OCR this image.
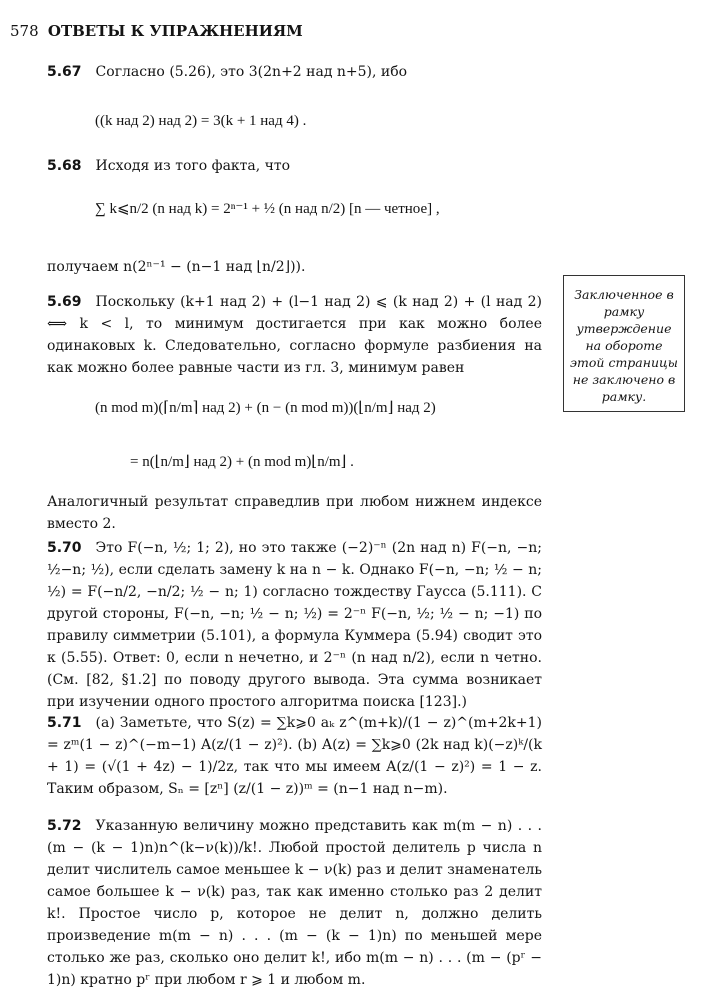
578 ОТВЕТЫ К УПРАЖНЕНИЯМ
5.67 Согласно (5.26), это 3(2n+2 над n+5), ибо
((k над 2) над 2) = 3(k + 1 над 4) .
5.68 Исходя из того факта, что
∑ k⩽n/2 (n над k) = 2ⁿ⁻¹ + ½ (n над n/2) [n — четное] ,
получаем n(2ⁿ⁻¹ − (n−1 над ⌊n/2⌋)).
5.69 Поскольку (k+1 над 2) + (l−1 над 2) ⩽ (k над 2) + (l над 2) ⟺ k < l, то минимум достигается при как можно более одинаковых k. Следовательно, согласно формуле разбиения на как можно более равные части из гл. 3, минимум равен
(n mod m)(⌈n/m⌉ над 2) + (n − (n mod m))(⌊n/m⌋ над 2)
= n(⌊n/m⌋ над 2) + (n mod m)⌊n/m⌋ .
Аналогичный результат справедлив при любом нижнем индексе вместо 2.
Заключенное в рамку утверждение на обороте этой страницы не заключено в рамку.
5.70 Это F(−n, ½; 1; 2), но это также (−2)⁻ⁿ (2n над n) F(−n, −n; ½−n; ½), если сделать замену k на n − k. Однако F(−n, −n; ½ − n; ½) = F(−n/2, −n/2; ½ − n; 1) согласно тождеству Гаусса (5.111). С другой стороны, F(−n, −n; ½ − n; ½) = 2⁻ⁿ F(−n, ½; ½ − n; −1) по правилу симметрии (5.101), а формула Куммера (5.94) сводит это к (5.55). Ответ: 0, если n нечетно, и 2⁻ⁿ (n над n/2), если n четно. (См. [82, §1.2] по поводу другого вывода. Эта сумма возникает при изучении одного простого алгоритма поиска [123].)
5.71 (a) Заметьте, что S(z) = ∑k⩾0 aₖ z^(m+k)/(1 − z)^(m+2k+1) = zᵐ(1 − z)^(−m−1) A(z/(1 − z)²). (b) A(z) = ∑k⩾0 (2k над k)(−z)ᵏ/(k + 1) = (√(1 + 4z) − 1)/2z, так что мы имеем A(z/(1 − z)²) = 1 − z. Таким образом, Sₙ = [zⁿ] (z/(1 − z))ᵐ = (n−1 над n−m).
5.72 Указанную величину можно представить как m(m − n) . . . (m − (k − 1)n)n^(k−ν(k))/k!. Любой простой делитель p числа n делит числитель самое меньшее k − ν(k) раз и делит знаменатель самое большее k − ν(k) раз, так как именно столько раз 2 делит k!. Простое число p, которое не делит n, должно делить произведение m(m − n) . . . (m − (k − 1)n) по меньшей мере столько же раз, сколько оно делит k!, ибо m(m − n) . . . (m − (pʳ − 1)n) кратно pʳ при любом r ⩾ 1 и любом m.
